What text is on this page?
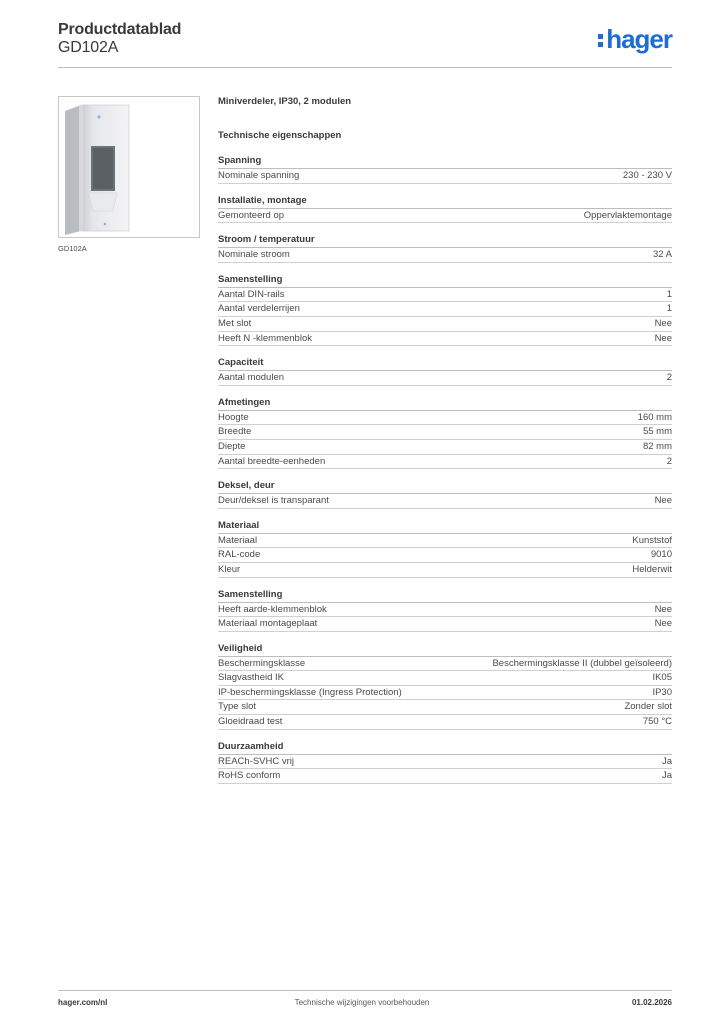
Productdatablad
GD102A	hager
GD102A
Miniverdeler, IP30, 2 modulen
Technische eigenschappen
Spanning
Nominale spanning	230 - 230 V
Installatie, montage
Gemonteerd op	Oppervlaktemontage
Stroom / temperatuur
Nominale stroom	32 A
Samenstelling
Aantal DIN-rails	1
Aantal verdelerrijen	1
Met slot	Nee
Heeft N -klemmenblok	Nee
Capaciteit
Aantal modulen	2
Afmetingen
Hoogte	160 mm
Breedte	55 mm
Diepte	82 mm
Aantal breedte-eenheden	2
Deksel, deur
Deur/deksel is transparant	Nee
Materiaal
Materiaal	Kunststof
RAL-code	9010
Kleur	Helderwit
Samenstelling
Heeft aarde-klemmenblok	Nee
Materiaal montageplaat	Nee
Veiligheid
Beschermingsklasse	Beschermingsklasse II (dubbel geïsoleerd)
Slagvastheid IK	IK05
IP-beschermingsklasse (Ingress Protection)	IP30
Type slot	Zonder slot
Gloeidraad test	750 °C
Duurzaamheid
REACh-SVHC vrij	Ja
RoHS conform	Ja
hager.com/nl	Technische wijzigingen voorbehouden	01.02.2026
